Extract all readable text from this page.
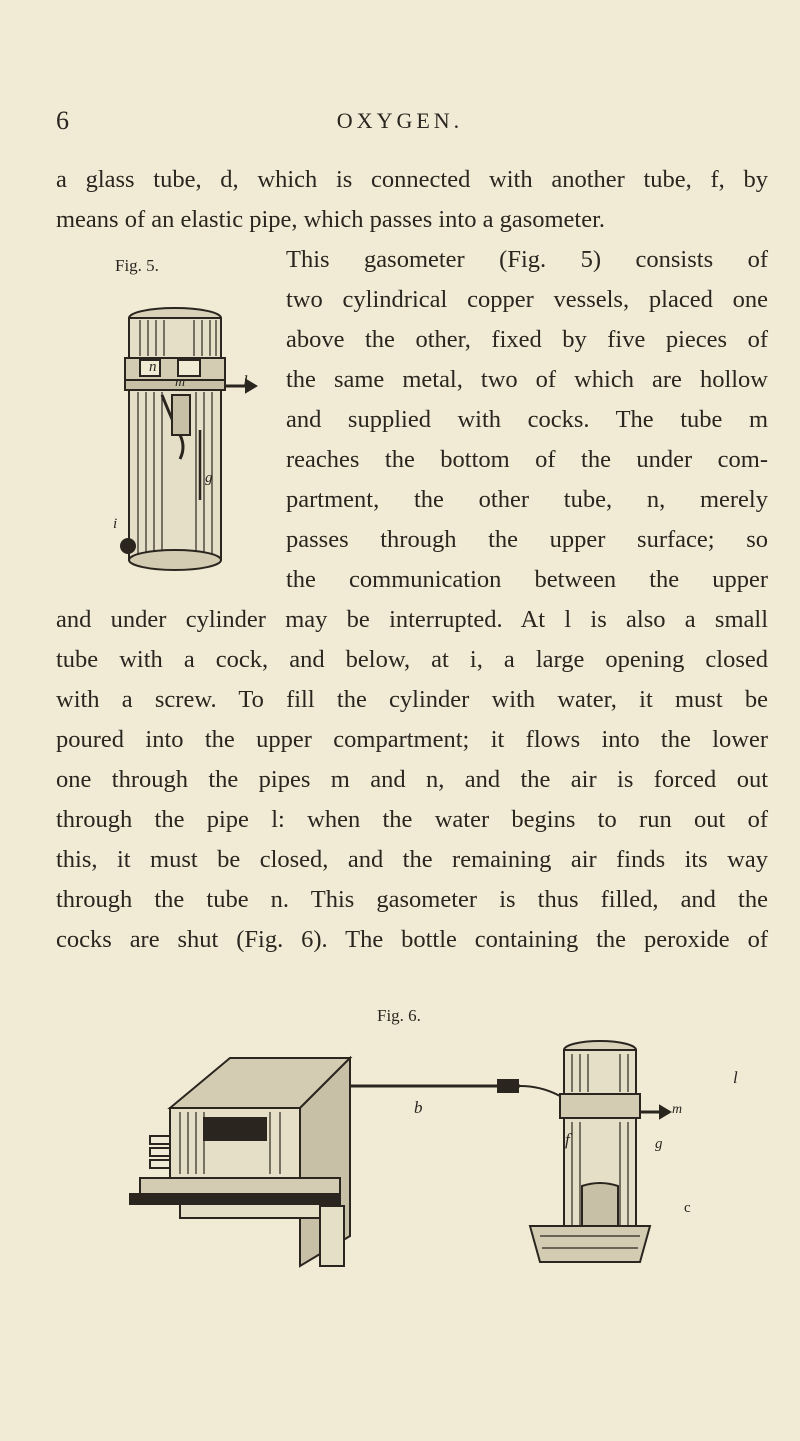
6	OXYGEN.
a glass tube, d, which is connected with another tube, f, by
means of an elastic pipe, which passes into a gasometer.
This gasometer (Fig. 5) consists of
two cylindrical copper vessels, placed one
above the other, fixed by five pieces of
the same metal, two of which are hollow
and supplied with cocks. The tube m
reaches the bottom of the under com-
partment, the other tube, n, merely
passes through the upper surface; so
the communication between the upper
and under cylinder may be interrupted. At l is also a small
tube with a cock, and below, at i, a large opening closed
with a screw. To fill the cylinder with water, it must be
poured into the upper compartment; it flows into the lower
one through the pipes m and n, and the air is forced out
through the pipe l: when the water begins to run out of
this, it must be closed, and the remaining air finds its way
through the tube n. This gasometer is thus filled, and the
cocks are shut (Fig. 6). The bottle containing the peroxide of
Fig. 5.
n
m	l
g
i
Fig. 6.
b
f
l
m
g
c
